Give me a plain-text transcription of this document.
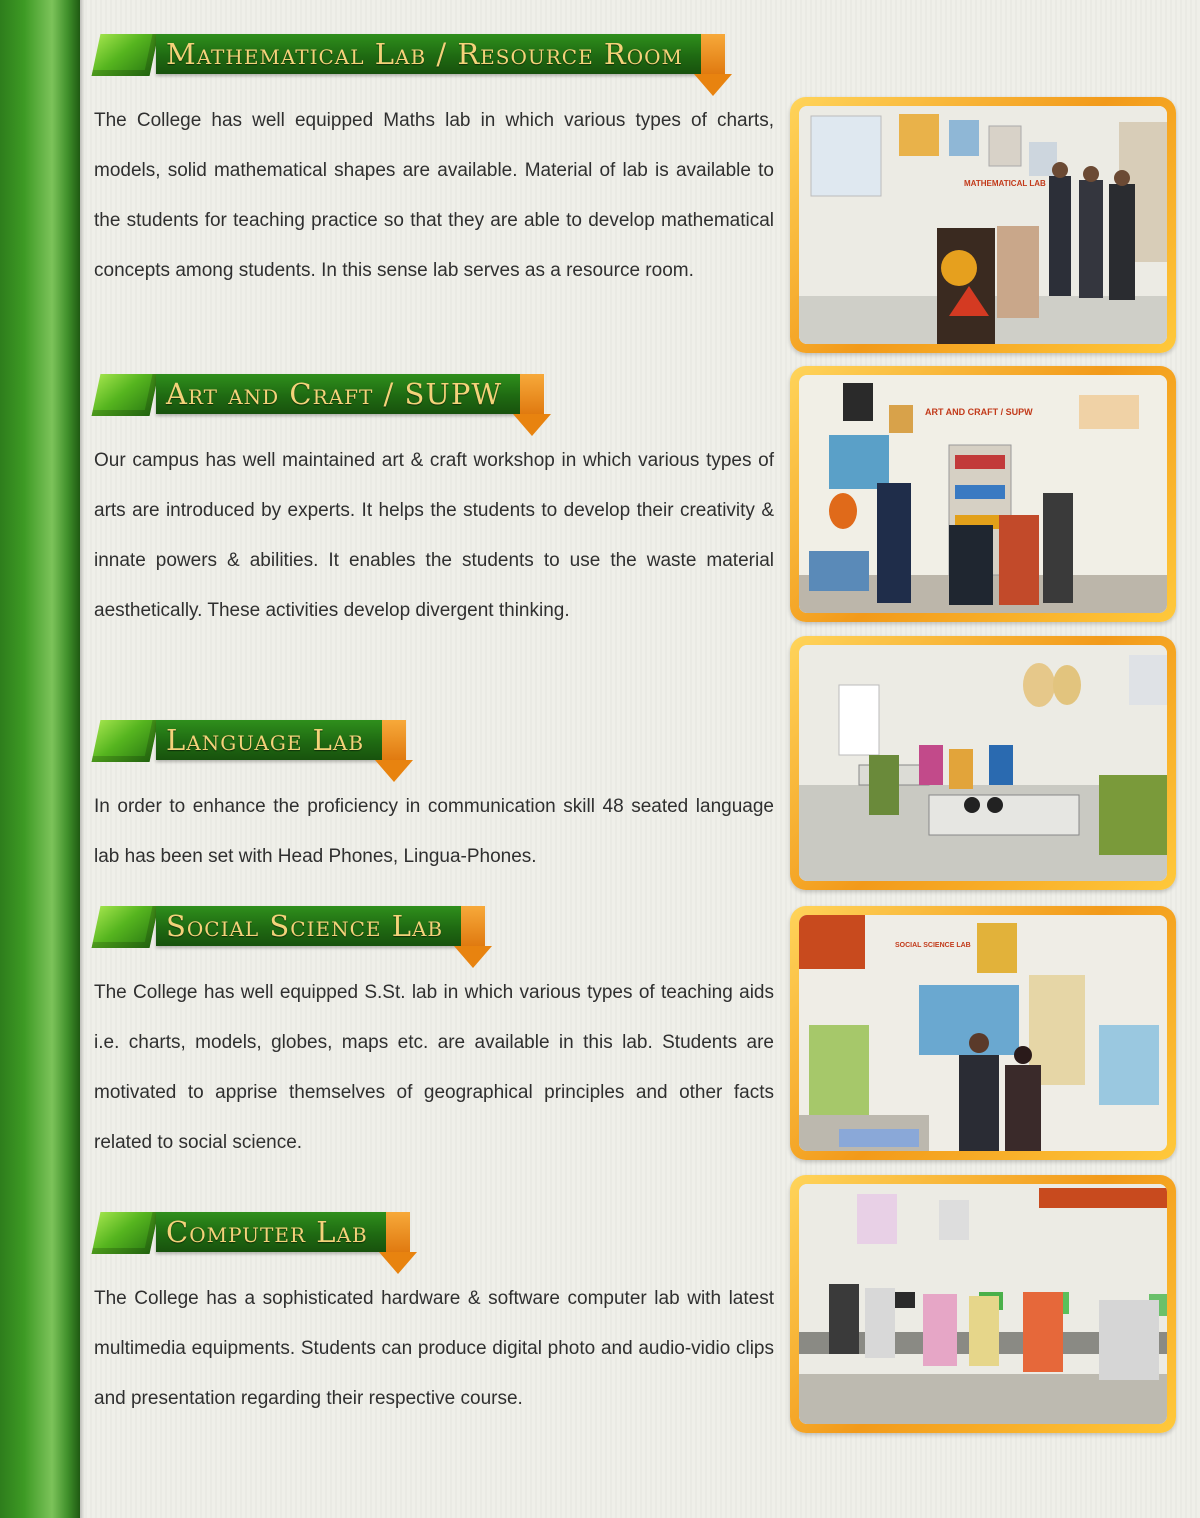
Mathematical Lab / Resource Room

The College has well equipped Maths lab in which various types of charts, models, solid mathematical shapes are available. Material of lab is available to the students for teaching practice so that they are able to develop mathematical concepts among students. In this sense lab serves as a resource room.

Art and Craft / SUPW

Our campus has well maintained art & craft workshop in which various types of arts are introduced by experts. It helps the students to develop their creativity & innate powers & abilities. It enables the students to use the waste material aesthetically. These activities develop divergent thinking.

Language Lab

In order to enhance the proficiency in communication skill 48 seated language lab has been set with Head Phones, Lingua-Phones.

Social Science Lab

The College has well equipped S.St. lab in which various types of teaching aids i.e. charts, models, globes, maps etc. are available in this lab. Students are motivated to apprise themselves of geographical principles and other facts related to social science.

Computer Lab

The College has a sophisticated hardware & software computer lab with latest multimedia equipments. Students can produce digital photo and audio-vidio clips and presentation regarding their respective course.

MATHEMATICAL LAB
ART AND CRAFT / SUPW
SOCIAL SCIENCE LAB
